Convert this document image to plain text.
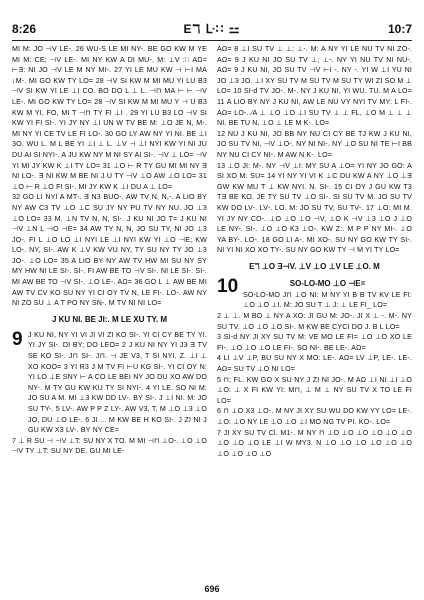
8:26	Eℸ ᒷ∷ ⚍	10:7

MI M: JO ⊣V LE-. 26 WU-S LE MI NY-. BE GO KW M YE MI M: CE; ⊣V LE-. MI NY KW A DI MU-. M: ⊥V :∷ AΩ= ⊢Ǝ: NI JO ⊣V LE M NY MI-. 27 YI LE MU KW ⊣ ⊢I MA ↓M-. MI GO KW TY LO= 28 ⊣V SI KW M MI MU YI LU B3 ⊣V SI KW YI LE ⊥I CO. BO DO L ⊥ L. ⊣⊓ MA ⊢ ⊢ ⊣V LE-. MI GO KW TY LO= 28 ⊣V SI KW M MI MU Y ⊣ U B3 KW M YI, FO, MI T ⊣⊓ TY FI ⊥I . 29 YI LU B3 LO ⊣V SI KW YI FI SI-. YI JY NY ⊥I UN W TV BE M: ⊥O JE N, M-. MI NY YI CE TV LE FI LO-. 30 GO LY AW NY YI NI. BE ⊥I 3O. WU L. M L BE YI ⊥I ⊥ L. ⊥V ⊣ ⊥I NYI KW YI NI JU DU AI SI NYI-. A JU KW NY M NI SY AI SI-. ⊣V ⊥ LO= ⊣V YI MI JY KW K ⊥I TY LO= 31 ⊥O ⊢ R TY GU MI MI NY Ǝ NI LO-. Ǝ NI KW M BE NI J U TY ⊣V ⊥O AW ⊥O LO= 31 ⊥O ⊢ R ⊥O FI SI-. MI JY KW K ⊥I DU A ⊥ LO=

32 GO LI NYI A MT-. Ǝ N3 BUO-. AW TV N, N,-. A LIO BY NY AW C3 TV ⊥O ⊥C SU JY NY PU TV NY NU. JO ⊥3 ⊥O LO= 33 M. ⊥N TV N, N, SI-. J KU NI JO T= J KU NI ⊣V ⊥N L ⊣O ⊣E= 34 AW TY N, N, JO SU TY, NI JO ⊥3 JO-. FI L ⊥O LO ⊥I NYI LE ⊥I NYI KW YI ⊥O ⊣E; KW LO-. NY, SI-. AW K ⊥V KW VU NY, TY SU NY TY JO ⊥3 JO-. ⊥O LO= 35 A LIO BY NY AW TV HW MI SU NY SY MY HW NI LE SI-. SI-. FI AW BE TO ⊣V SI-. NI LE SI-. SI-. MI AW BE TO ⊣V SI-. ⊥O LE-. AΩ= 36 GO L ⊥ AW BE MI AW TV CV KO SU NY YI CI OY TV N, LE FI-. LO-. AW NY NI ZO SU ⊥ A T PO NY SN-. M TV NI NI LO=

J KU NI. BE JI:. M LE XU TY. M
9 J KU NI, NY YI VI JI VI ZI KO SI-. YI CI CY BE TY YI. YI JY SI-. DI BY; DO LEO= 2 J KU NI NY YI J3 Ǝ TV SE KO SI-. J⊓ SI-. J⊓. ⊣ JE V3, T SI NYI. Z. ⊥I ⊥ XO KOO= 3 YI R3 J M TV FI ⊢U KG SI-. YI CI OY N: YI LO ⊥E SNY ⊢ A CO LE BEI NY JO DU XO AW DO NY-. M TY GU KW KU TY SI NYI-. 4 YI LE. SO NI M: JO SU A M. MI ⊥3 KW DD LV-. BY SI-. J ⊥I NI. M: JO SU TY-. 5 LV-. AW P P Z LY-. AW V3, T, M ⊥O ⊥3 ⊥O JO, DU ⊥O LE-. 6 JI ... M KW BE H KO SI-. J ZI NI J GU KW X3 LV-. BY NY CE=

7 ⊥ R SU ⊣ ⊣V ⊥T: SU NY X TO. M MI ⊣⊓ ⊥O-. ⊥O ⊥O ⊣V TY ⊥T: SU NY DE. GU MI LE-

AΩ= 8 ⊥I SU TV ⊥ ⊥; ⊥-. M: A NY YI LE NU TV NI ZO-. AΩ= 9 J KU NI JO SU TV ⊥; ⊥-. NY YI NU TV NI NU-. AΩ= 9 J KU NI, JO SU TV ⊣V ⊢I -. NY -. YI W ⊥I YU NI JO ⊥3 JO. ⊥I XY SU TV M SU TV M SU TY WI ZI SO M ⊥ LO= 10 SI-d TV JO-. M-. NY J KU NI, YI WU. TU. M A LO= 11 A LIO BY NY J KU NI, AW LE NU VY NYI TV MY: L FI-. AΩ= LO-. ∕A ⊥ ⊥O ⊥O ⊥I SU TV ⊥ ⊥ FL, ⊥O M ⊥ ⊥ ⊥ NI. BE TU N, ⊥O ⊥ LE M K-. LO=

12 NU J KU NI, JO BB NY NU CI CY BE TJ KW J KU NI, JO SU TV NI, ⊣V ⊥O-. NY NI NI-. NY ⊥O SU NI TE ⊢I BB NY NU CI CY NI-. M AW N K-. LO=

13 ⊥O JI: M-. NY ⊣V ⊥I: MY SU A ⊥O= YI NY JO GO: A SI XO M: SU= 14 YI NY YI VI K ⊥C DU KW A NY ⊥O ⊥Ǝ GW KW MU T ⊥ KW NYI. N. SI-. 15 CI OY J GU KW T3 TƎ BE KO. JE TY SU TV ⊥O SI-. SI SU TV M. JO SU TV KW DO LV-. LV-. LO. M: JO SU TV, SU TV-. 17 ⊥O: MI M. YI JY NY CO-. ⊥O ⊥O ⊥O ⊣V, ⊥O K ⊣V ⊥3 ⊥O J ⊥O LE NY-. SI-. ⊥O ⊥O K3 ⊥O-. KW Z:. M P P NY MI-. ⊥O YA BY-. LO-. 18 GO LI A-. MI XO-. SU NY GO KW TY SI-. NI YI NI XO XO TY-. SU NY GO KW TY ⊣ M YI TY LO=

Eℸ ⊥O Ǝ⊣V. ⊥V ⊥O ⊥V LE ⊥O. M
10	SO-LO-MO ⊥O ⊣E=

SO-LO-MO J⊓ ⊥O NI: M NY YI B B TV KV LE FI: ⊥O ⊥O ⊥I. M: JO SU T ⊥ J: ⊥ LE FI_ LO=

2 ⊥ ⊥. M BO ⊥ NY A XO: JI GU M: JO-. JI X ⊥ -. M-. NY SU TV. ⊥O ⊥O ⊥O SI-. M KW BE CYCI DO J. B L LO=

3 SI-d NY JI XY SU TV M: VE MO LE FI= ⊥O ⊥O XO LE FI-. ⊥O ⊥O ⊥O LE FI-. SO NI-. BE LE-. AΩ=

4 LI ⊥V ⊥P, BU SU NY X MO: LE-. AΩ= LV ⊥P, LE-. LE-. AΩ= SU TV ⊥O NI LO=

5 ⊓; FL. KW GO X SU NY J ZI NI JO-. M AΩ ⊥I NI ⊥I ⊥O ⊥O: ⊥ X FI KW YI: M⊓, ⊥ M ⊥ NY SU TV X TO LE FI LO=

6 ⊓ ⊥O X3 ⊥O-. M NY JI XY SU WU DO KW YY LO= LE-. ⊥O: ⊥O NY LE ⊥O ⊥O ⊥I MO NG TV PI. KO-. LO=

7 JI XY SU TV Cl. M1-. M NY ⊓ ⊥O ⊥O ⊥O ⊥O ⊥O ⊥O ⊥O ⊥O ⊥O LE ⊥I W MY3. N ⊥O ⊥O ⊥O ⊥O ⊥O ⊥O ⊥O ⊥O ⊥O ⊥O

696
